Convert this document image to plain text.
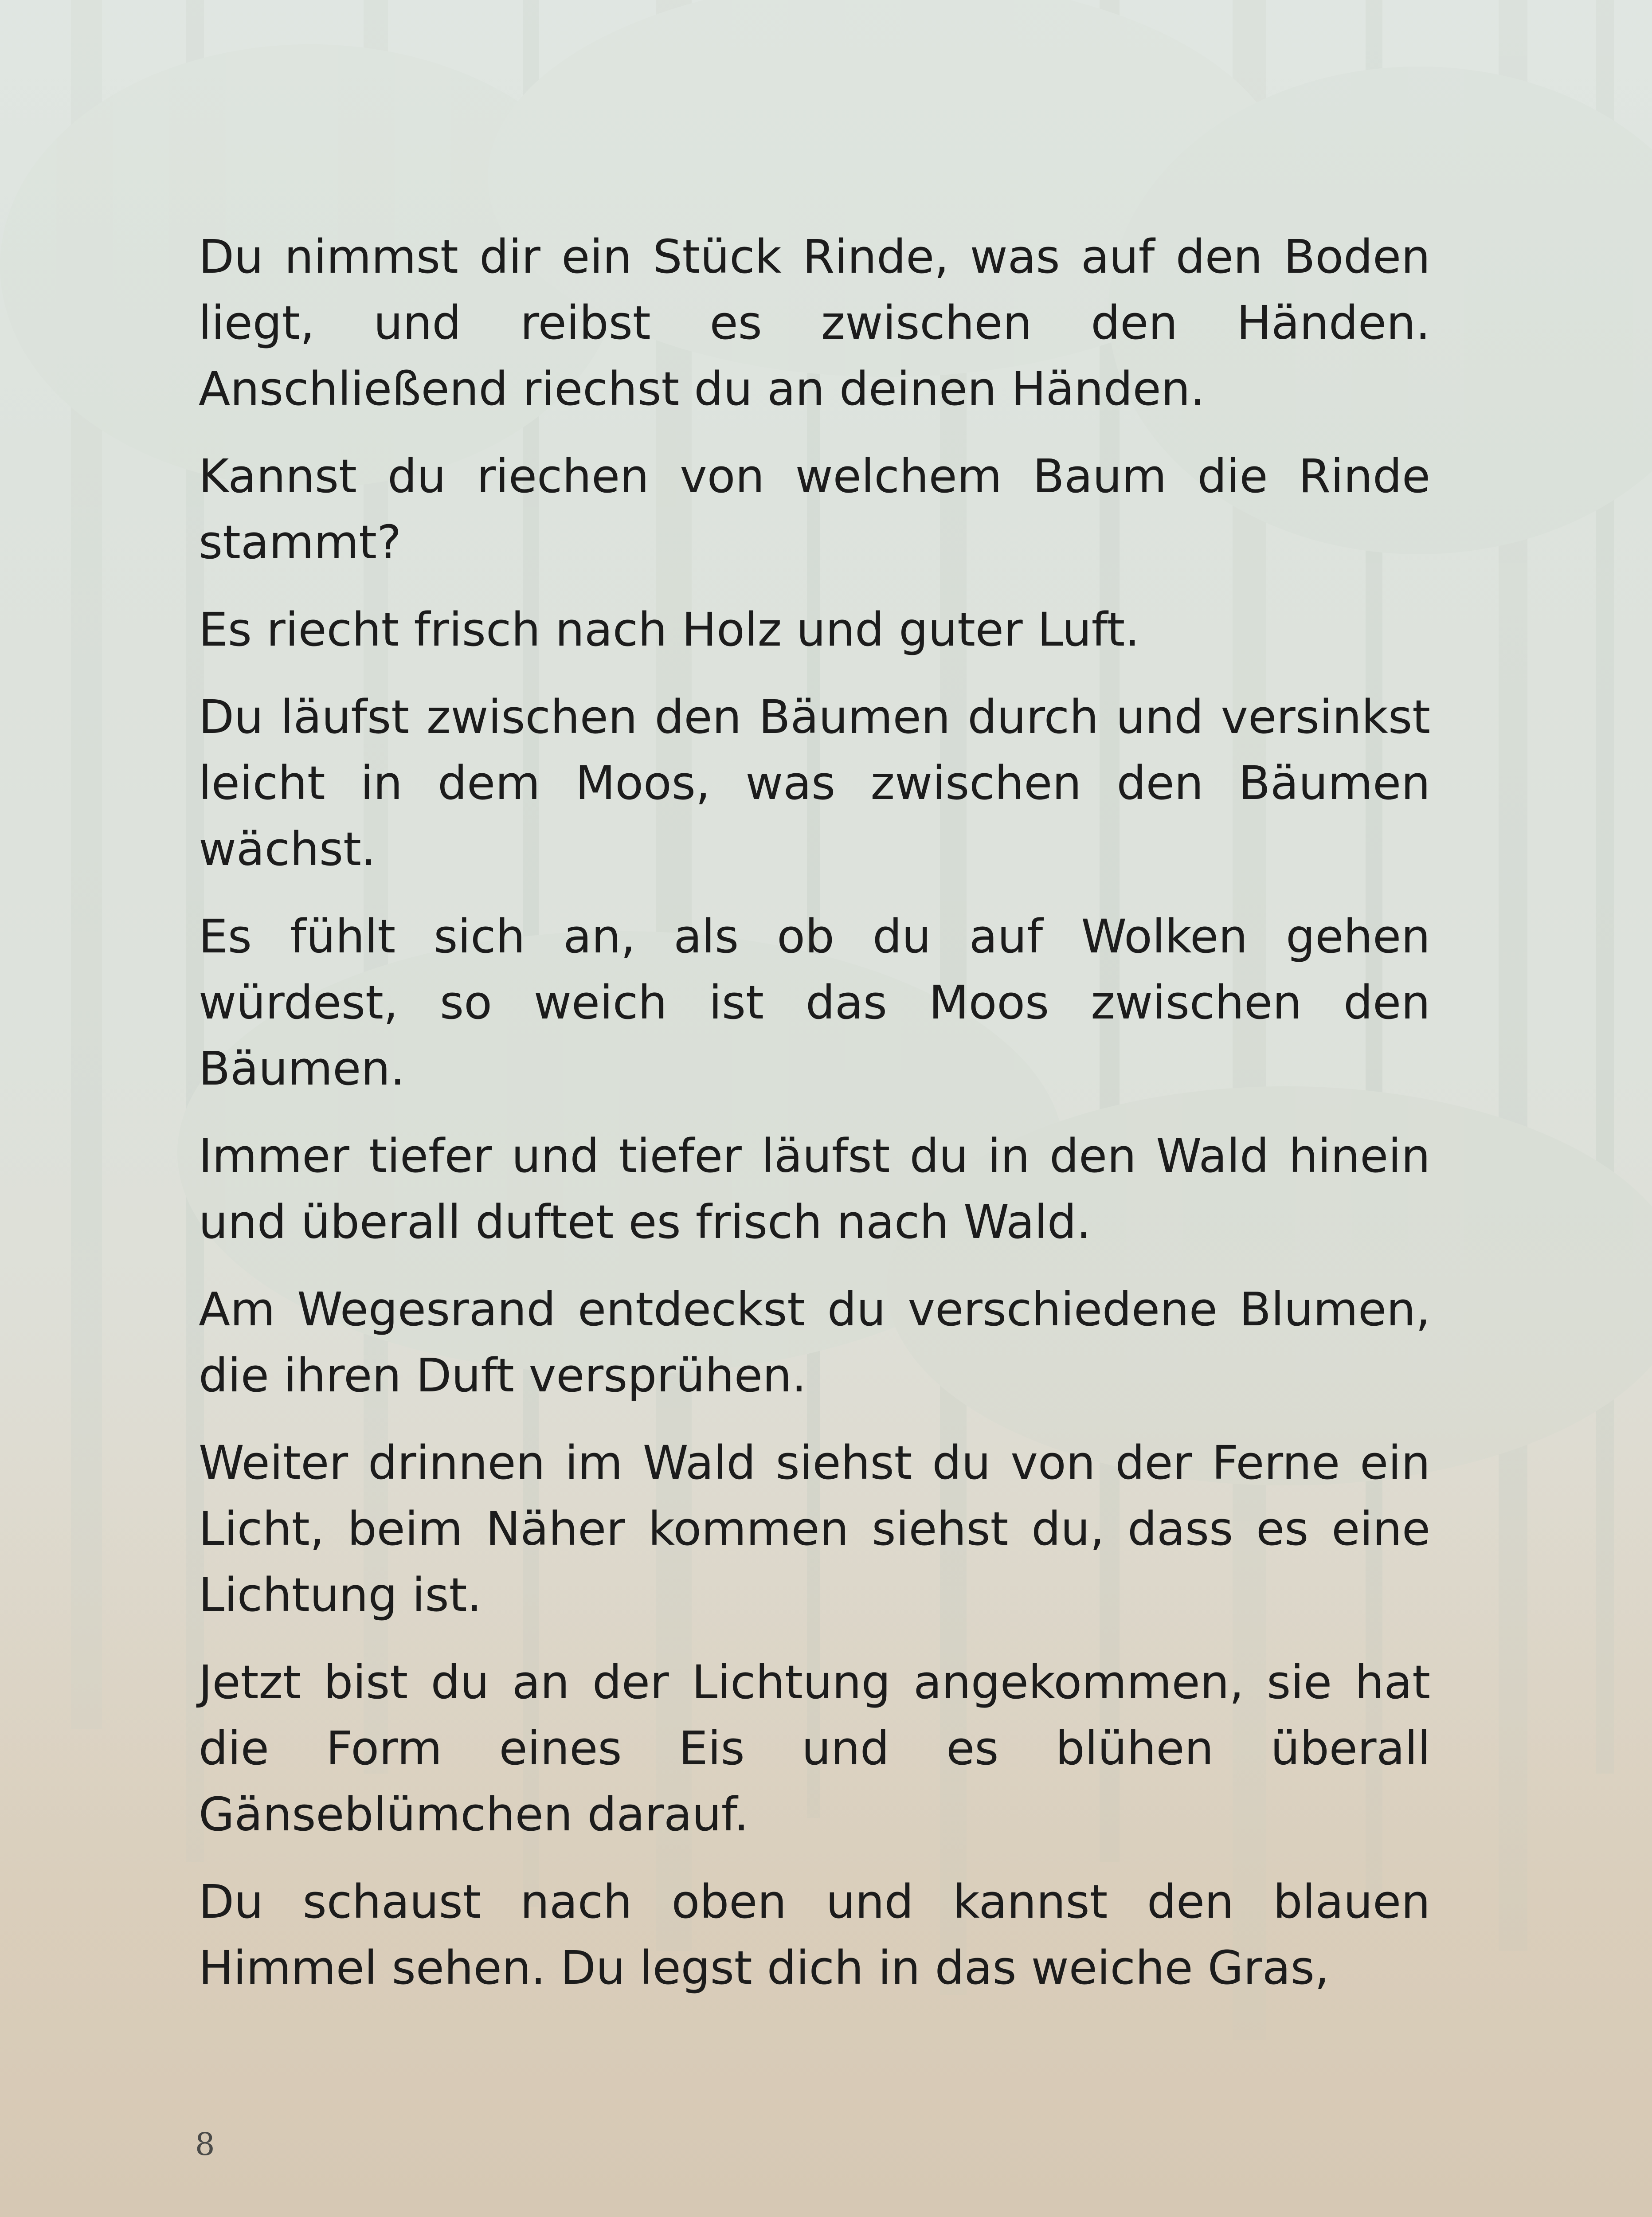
Du nimmst dir ein Stück Rinde, was auf den Boden liegt, und reibst es zwischen den Händen. Anschließend riechst du an deinen Händen.

Kannst du riechen von welchem Baum die Rinde stammt?

Es riecht frisch nach Holz und guter Luft.

Du läufst zwischen den Bäumen durch und versinkst leicht in dem Moos, was zwischen den Bäumen wächst.

Es fühlt sich an, als ob du auf Wolken gehen würdest, so weich ist das Moos zwischen den Bäumen.

Immer tiefer und tiefer läufst du in den Wald hinein und überall duftet es frisch nach Wald.

Am Wegesrand entdeckst du verschiedene Blumen, die ihren Duft versprühen.

Weiter drinnen im Wald siehst du von der Ferne ein Licht, beim Näher kommen siehst du, dass es eine Lichtung ist.

Jetzt bist du an der Lichtung angekommen, sie hat die Form eines Eis und es blühen überall Gänseblümchen darauf.

Du schaust nach oben und kannst den blauen Himmel sehen. Du legst dich in das weiche Gras,

8
